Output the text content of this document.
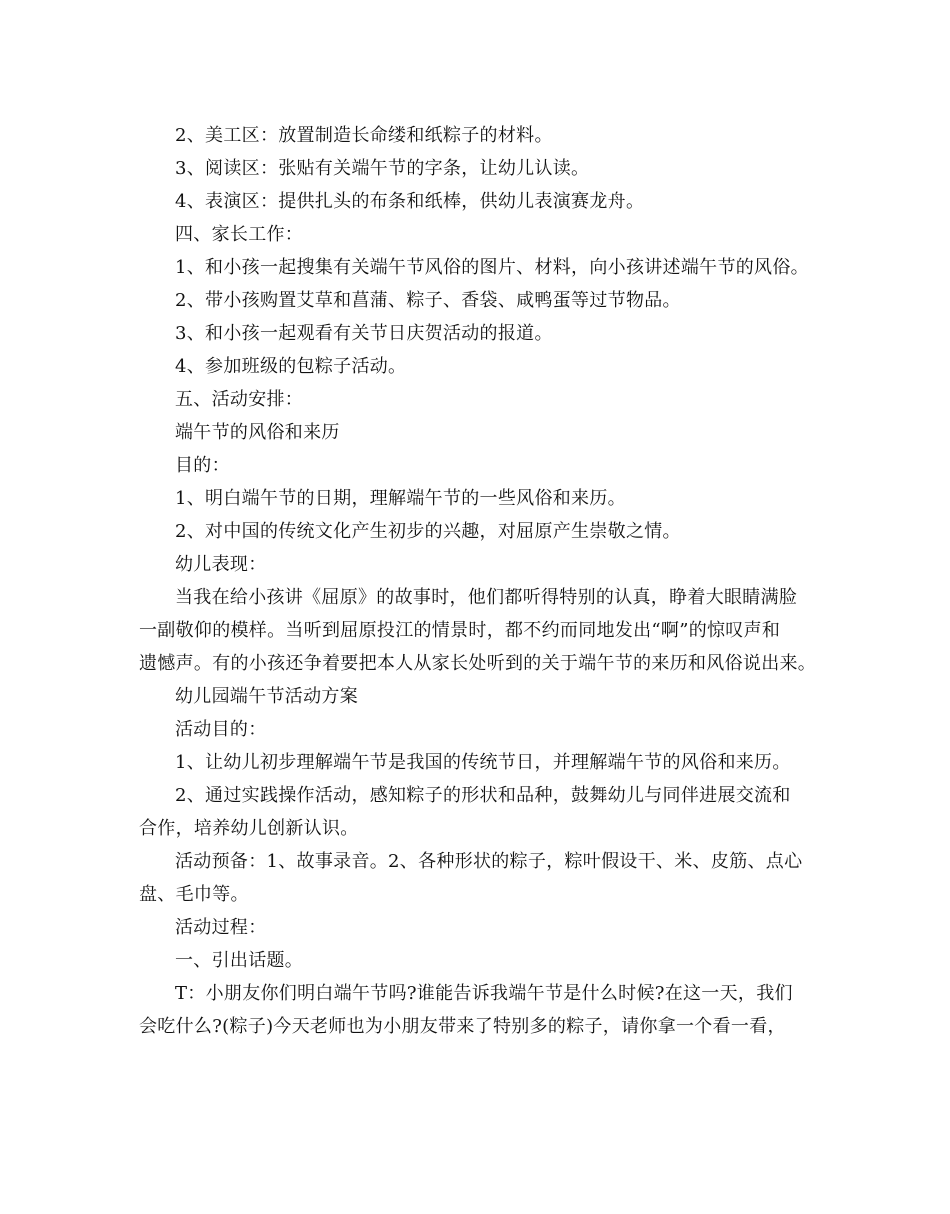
2、美工区：放置制造长命缕和纸粽子的材料。
3、阅读区：张贴有关端午节的字条，让幼儿认读。
4、表演区：提供扎头的布条和纸棒，供幼儿表演赛龙舟。
四、家长工作：
1、和小孩一起搜集有关端午节风俗的图片、材料，向小孩讲述端午节的风俗。
2、带小孩购置艾草和菖蒲、粽子、香袋、咸鸭蛋等过节物品。
3、和小孩一起观看有关节日庆贺活动的报道。
4、参加班级的包粽子活动。
五、活动安排：
端午节的风俗和来历
目的：
1、明白端午节的日期，理解端午节的一些风俗和来历。
2、对中国的传统文化产生初步的兴趣，对屈原产生崇敬之情。
幼儿表现：
当我在给小孩讲《屈原》的故事时，他们都听得特别的认真，睁着大眼睛满脸
一副敬仰的模样。当听到屈原投江的情景时，都不约而同地发出“啊”的惊叹声和
遗憾声。有的小孩还争着要把本人从家长处听到的关于端午节的来历和风俗说出来。
幼儿园端午节活动方案
活动目的：
1、让幼儿初步理解端午节是我国的传统节日，并理解端午节的风俗和来历。
2、通过实践操作活动，感知粽子的形状和品种，鼓舞幼儿与同伴进展交流和
合作，培养幼儿创新认识。
活动预备：1、故事录音。2、各种形状的粽子，粽叶假设干、米、皮筋、点心
盘、毛巾等。
活动过程：
一、引出话题。
T：小朋友你们明白端午节吗?谁能告诉我端午节是什么时候?在这一天，我们
会吃什么?(粽子)今天老师也为小朋友带来了特别多的粽子，请你拿一个看一看，
